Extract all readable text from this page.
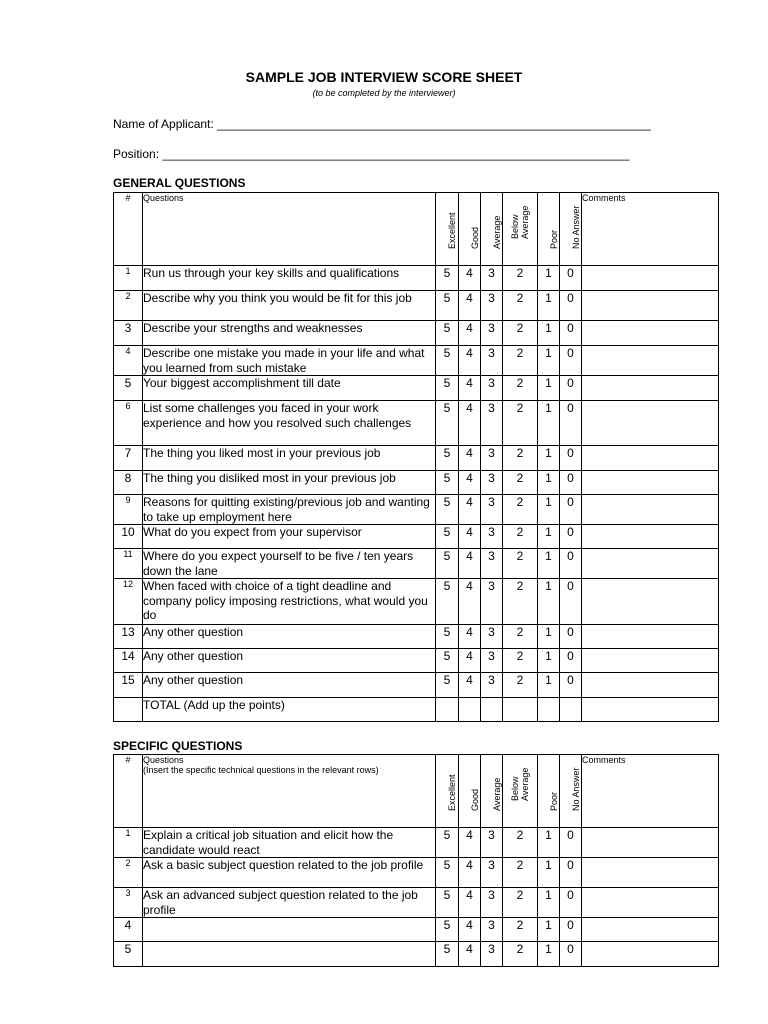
SAMPLE JOB INTERVIEW SCORE SHEET
(to be completed by the interviewer)
Name of Applicant: _________________________________________________________________
Position: ______________________________________________________________________
GENERAL QUESTIONS
#	Questions	Excellent	Good	Average	Below
Average	Poor	No Answer	Comments
1	Run us through your key skills and qualifications	5	4	3	2	1	0	
2	Describe why you think you would be fit for this job	5	4	3	2	1	0	
3	Describe your strengths and weaknesses	5	4	3	2	1	0	
4	Describe one mistake you made in your life and what you learned from such mistake	5	4	3	2	1	0	
5	Your biggest accomplishment till date	5	4	3	2	1	0	
6	List some challenges you faced in your work experience and how you resolved such challenges	5	4	3	2	1	0	
7	The thing you liked most in your previous job	5	4	3	2	1	0	
8	The thing you disliked most in your previous job	5	4	3	2	1	0	
9	Reasons for quitting existing/previous job and wanting to take up employment here	5	4	3	2	1	0	
10	What do you expect from your supervisor	5	4	3	2	1	0	
11	Where do you expect yourself to be five / ten years down the lane	5	4	3	2	1	0	
12	When faced with choice of a tight deadline and company policy imposing restrictions, what would you do	5	4	3	2	1	0	
13	Any other question	5	4	3	2	1	0	
14	Any other question	5	4	3	2	1	0	
15	Any other question	5	4	3	2	1	0	
	TOTAL (Add up the points)							
SPECIFIC QUESTIONS
#	Questions
(Insert the specific technical questions in the relevant rows)	Excellent	Good	Average	Below
Average	Poor	No Answer	Comments
1	Explain a critical job situation and elicit how the candidate would react	5	4	3	2	1	0	
2	Ask a basic subject question related to the job profile	5	4	3	2	1	0	
3	Ask an advanced subject question related to the job profile	5	4	3	2	1	0	
4		5	4	3	2	1	0	
5		5	4	3	2	1	0	
